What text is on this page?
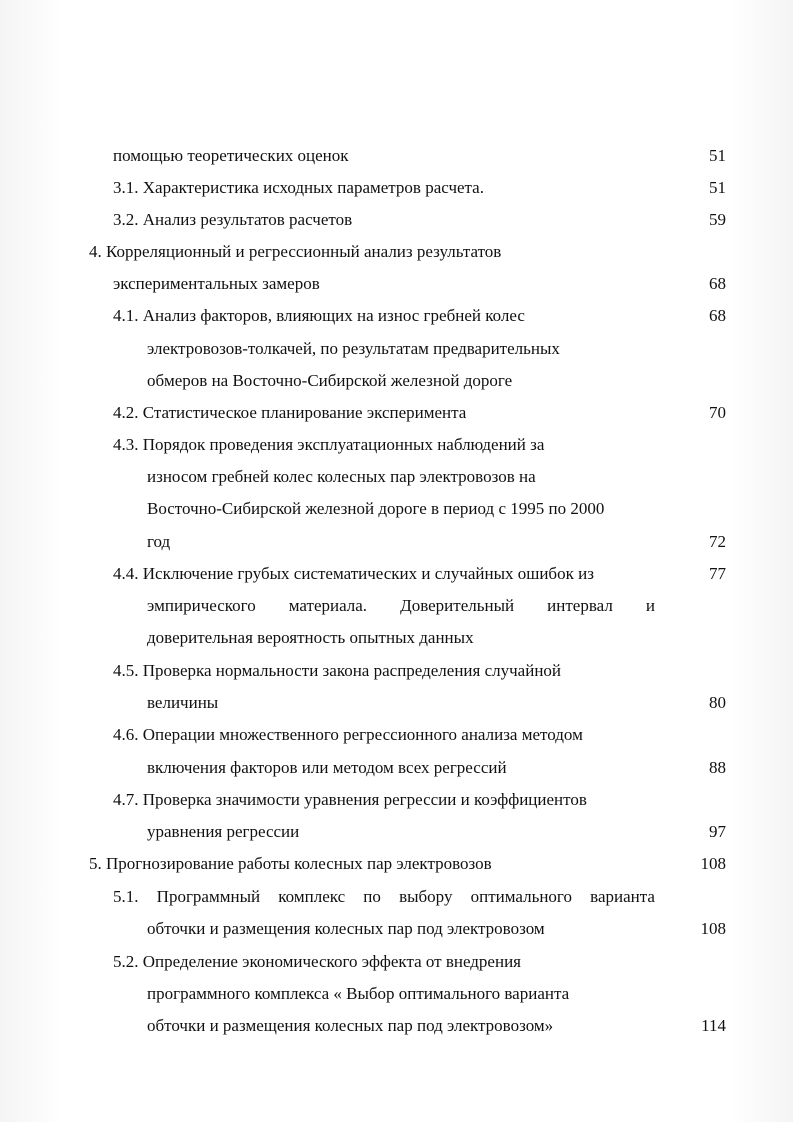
помощью теоретических оценок	51
3.1. Характеристика исходных параметров расчета.	51
3.2. Анализ результатов расчетов	59
4. Корреляционный и регрессионный анализ результатов
экспериментальных замеров	68
4.1. Анализ факторов, влияющих на износ гребней колес	68
электровозов-толкачей, по результатам предварительных
обмеров на Восточно-Сибирской железной дороге
4.2. Статистическое планирование эксперимента	70
4.3. Порядок проведения эксплуатационных наблюдений за
износом гребней колес колесных пар электровозов на
Восточно-Сибирской железной дороге в период с 1995 по 2000
год	72
4.4. Исключение грубых систематических и случайных ошибок из	77
эмпирического материала. Доверительный интервал и
доверительная вероятность опытных данных
4.5. Проверка нормальности закона распределения случайной
величины	80
4.6. Операции множественного регрессионного анализа методом
включения факторов или методом всех регрессий	88
4.7. Проверка значимости уравнения регрессии и коэффициентов
уравнения регрессии	97
5. Прогнозирование работы колесных пар электровозов	108
5.1. Программный комплекс по выбору оптимального варианта
обточки и размещения колесных пар под электровозом	108
5.2. Определение экономического эффекта от внедрения
программного комплекса « Выбор оптимального варианта
обточки и размещения колесных пар под электровозом»	114
